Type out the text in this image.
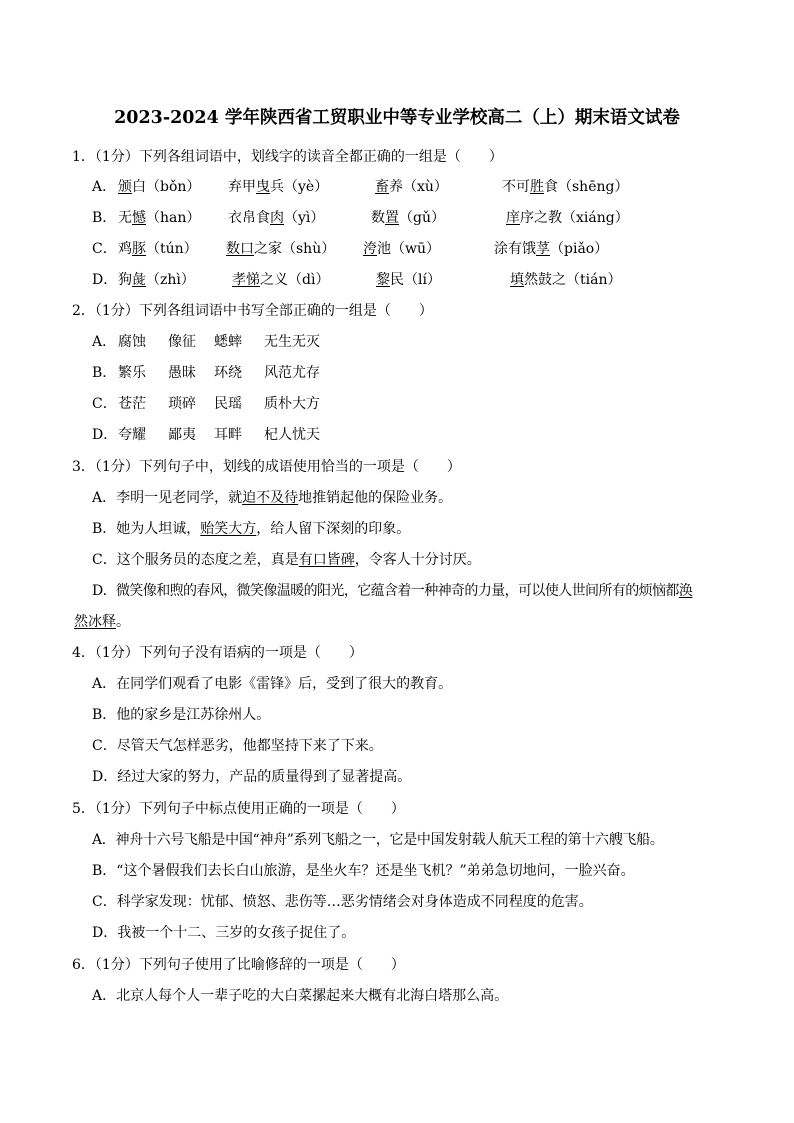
2023-2024 学年陕西省工贸职业中等专业学校高二（上）期末语文试卷
1．（1分）下列各组词语中，划线字的读音全都正确的一组是（　　）
A． 颁白（bǒn） 弃甲曳兵（yè）	畜养（xù）	不可胜食（shēng）
B． 无憾（han） 衣帛食肉（yì）	数置（gǔ）	庠序之教（xiáng）
C． 鸡豚（tún） 数口之家（shù） 洿池（wū）	涂有饿莩（piǎo）
D． 狗彘（zhì）	孝悌之义（dì）	黎民（lí）	填然鼓之（tián）
2．（1分）下列各组词语中书写全部正确的一组是（　　）
A． 腐蚀 像征 蟋蟀 无生无灭
B． 繁乐 愚昧 环绕 风范尤存
C． 苍茫 琐碎 民瑶 质朴大方
D． 夸耀 鄙夷 耳畔 杞人忧天
3．（1分）下列句子中，划线的成语使用恰当的一项是（　　）
A．李明一见老同学，就迫不及待地推销起他的保险业务。
B．她为人坦诚，贻笑大方，给人留下深刻的印象。
C．这个服务员的态度之差，真是有口皆碑，令客人十分讨厌。
D．微笑像和煦的春风，微笑像温暖的阳光，它蕴含着一种神奇的力量，可以使人世间所有的烦恼都涣
然冰释。
4．（1分）下列句子没有语病的一项是（　　）
A．在同学们观看了电影《雷锋》后，受到了很大的教育。
B．他的家乡是江苏徐州人。
C．尽管天气怎样恶劣，他都坚持下来了下来。
D．经过大家的努力，产品的质量得到了显著提高。
5．（1分）下列句子中标点使用正确的一项是（　　）
A．神舟十六号飞船是中国“神舟”系列飞船之一，它是中国发射载人航天工程的第十六艘飞船。
B．“这个暑假我们去长白山旅游，是坐火车？还是坐飞机？”弟弟急切地问，一脸兴奋。
C．科学家发现：忧郁、愤怒、悲伤等…恶劣情绪会对身体造成不同程度的危害。
D．我被一个十二、三岁的女孩子捉住了。
6．（1分）下列句子使用了比喻修辞的一项是（　　）
A．北京人每个人一辈子吃的大白菜摞起来大概有北海白塔那么高。
